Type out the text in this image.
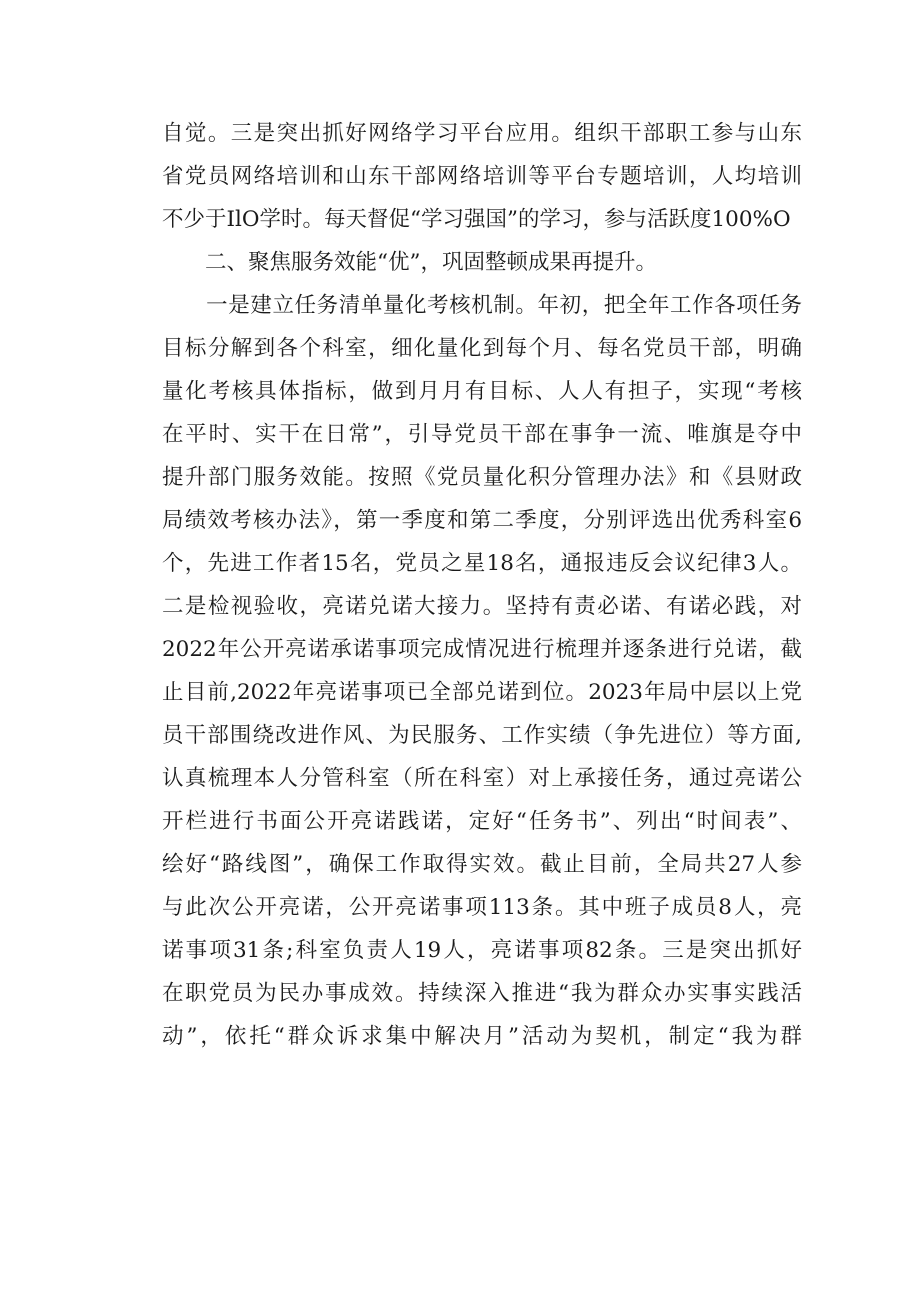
自觉。三是突出抓好网络学习平台应用。组织干部职工参与山东
省党员网络培训和山东干部网络培训等平台专题培训，人均培训
不少于IlO学时。每天督促“学习强国”的学习，参与活跃度100%O
　　二、聚焦服务效能“优”，巩固整顿成果再提升。
　　一是建立任务清单量化考核机制。年初，把全年工作各项任务
目标分解到各个科室，细化量化到每个月、每名党员干部，明确
量化考核具体指标，做到月月有目标、人人有担子，实现“考核
在平时、实干在日常”，引导党员干部在事争一流、唯旗是夺中
提升部门服务效能。按照《党员量化积分管理办法》和《县财政
局绩效考核办法》，第一季度和第二季度，分别评选出优秀科室6
个，先进工作者15名，党员之星18名，通报违反会议纪律3人。
二是检视验收，亮诺兑诺大接力。坚持有责必诺、有诺必践，对
2022年公开亮诺承诺事项完成情况进行梳理并逐条进行兑诺，截
止目前,2022年亮诺事项已全部兑诺到位。2023年局中层以上党
员干部围绕改进作风、为民服务、工作实绩（争先进位）等方面,
认真梳理本人分管科室（所在科室）对上承接任务，通过亮诺公
开栏进行书面公开亮诺践诺，定好“任务书”、列出“时间表”、
绘好“路线图”，确保工作取得实效。截止目前，全局共27人参
与此次公开亮诺，公开亮诺事项113条。其中班子成员8人，亮
诺事项31条;科室负责人19人，亮诺事项82条。三是突出抓好
在职党员为民办事成效。持续深入推进“我为群众办实事实践活
动”，依托“群众诉求集中解决月”活动为契机，制定“我为群
